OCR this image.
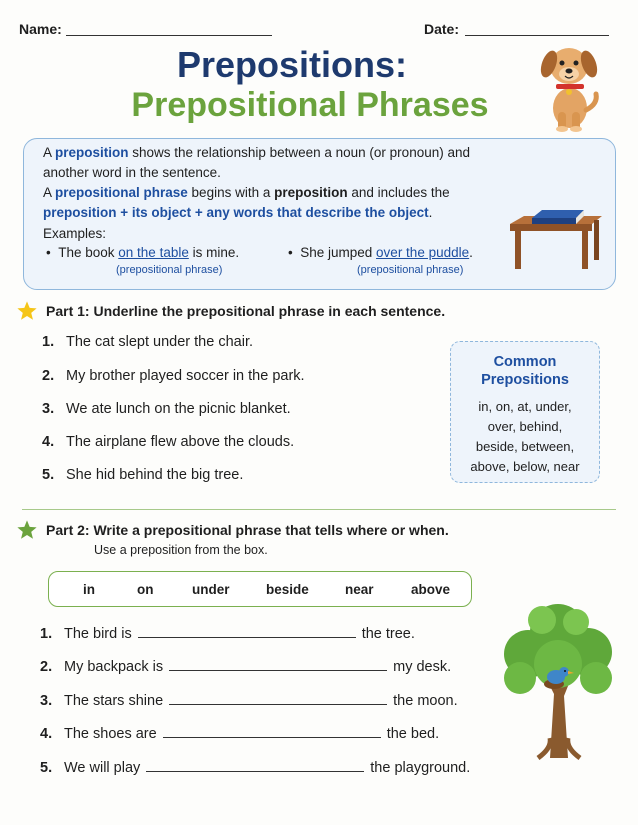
Name:	Date:
Prepositions:
Prepositional Phrases
A preposition shows the relationship between a noun (or pronoun) and another word in the sentence.
A prepositional phrase begins with a preposition and includes the
preposition + its object + any words that describe the object.
Examples:
•  The book on the table is mine.
(prepositional phrase)
•  She jumped over the puddle.
(prepositional phrase)
Part 1: Underline the prepositional phrase in each sentence.
1. The cat slept under the chair.
2. My brother played soccer in the park.
3. We ate lunch on the picnic blanket.
4. The airplane flew above the clouds.
5. She hid behind the big tree.
Common
Prepositions
in, on, at, under,
over, behind,
beside, between,
above, below, near
Part 2: Write a prepositional phrase that tells where or when.
Use a preposition from the box.
in	on	under	beside	near	above
1. The bird is	the tree.
2. My backpack is	my desk.
3. The stars shine	the moon.
4. The shoes are	the bed.
5. We will play	the playground.
